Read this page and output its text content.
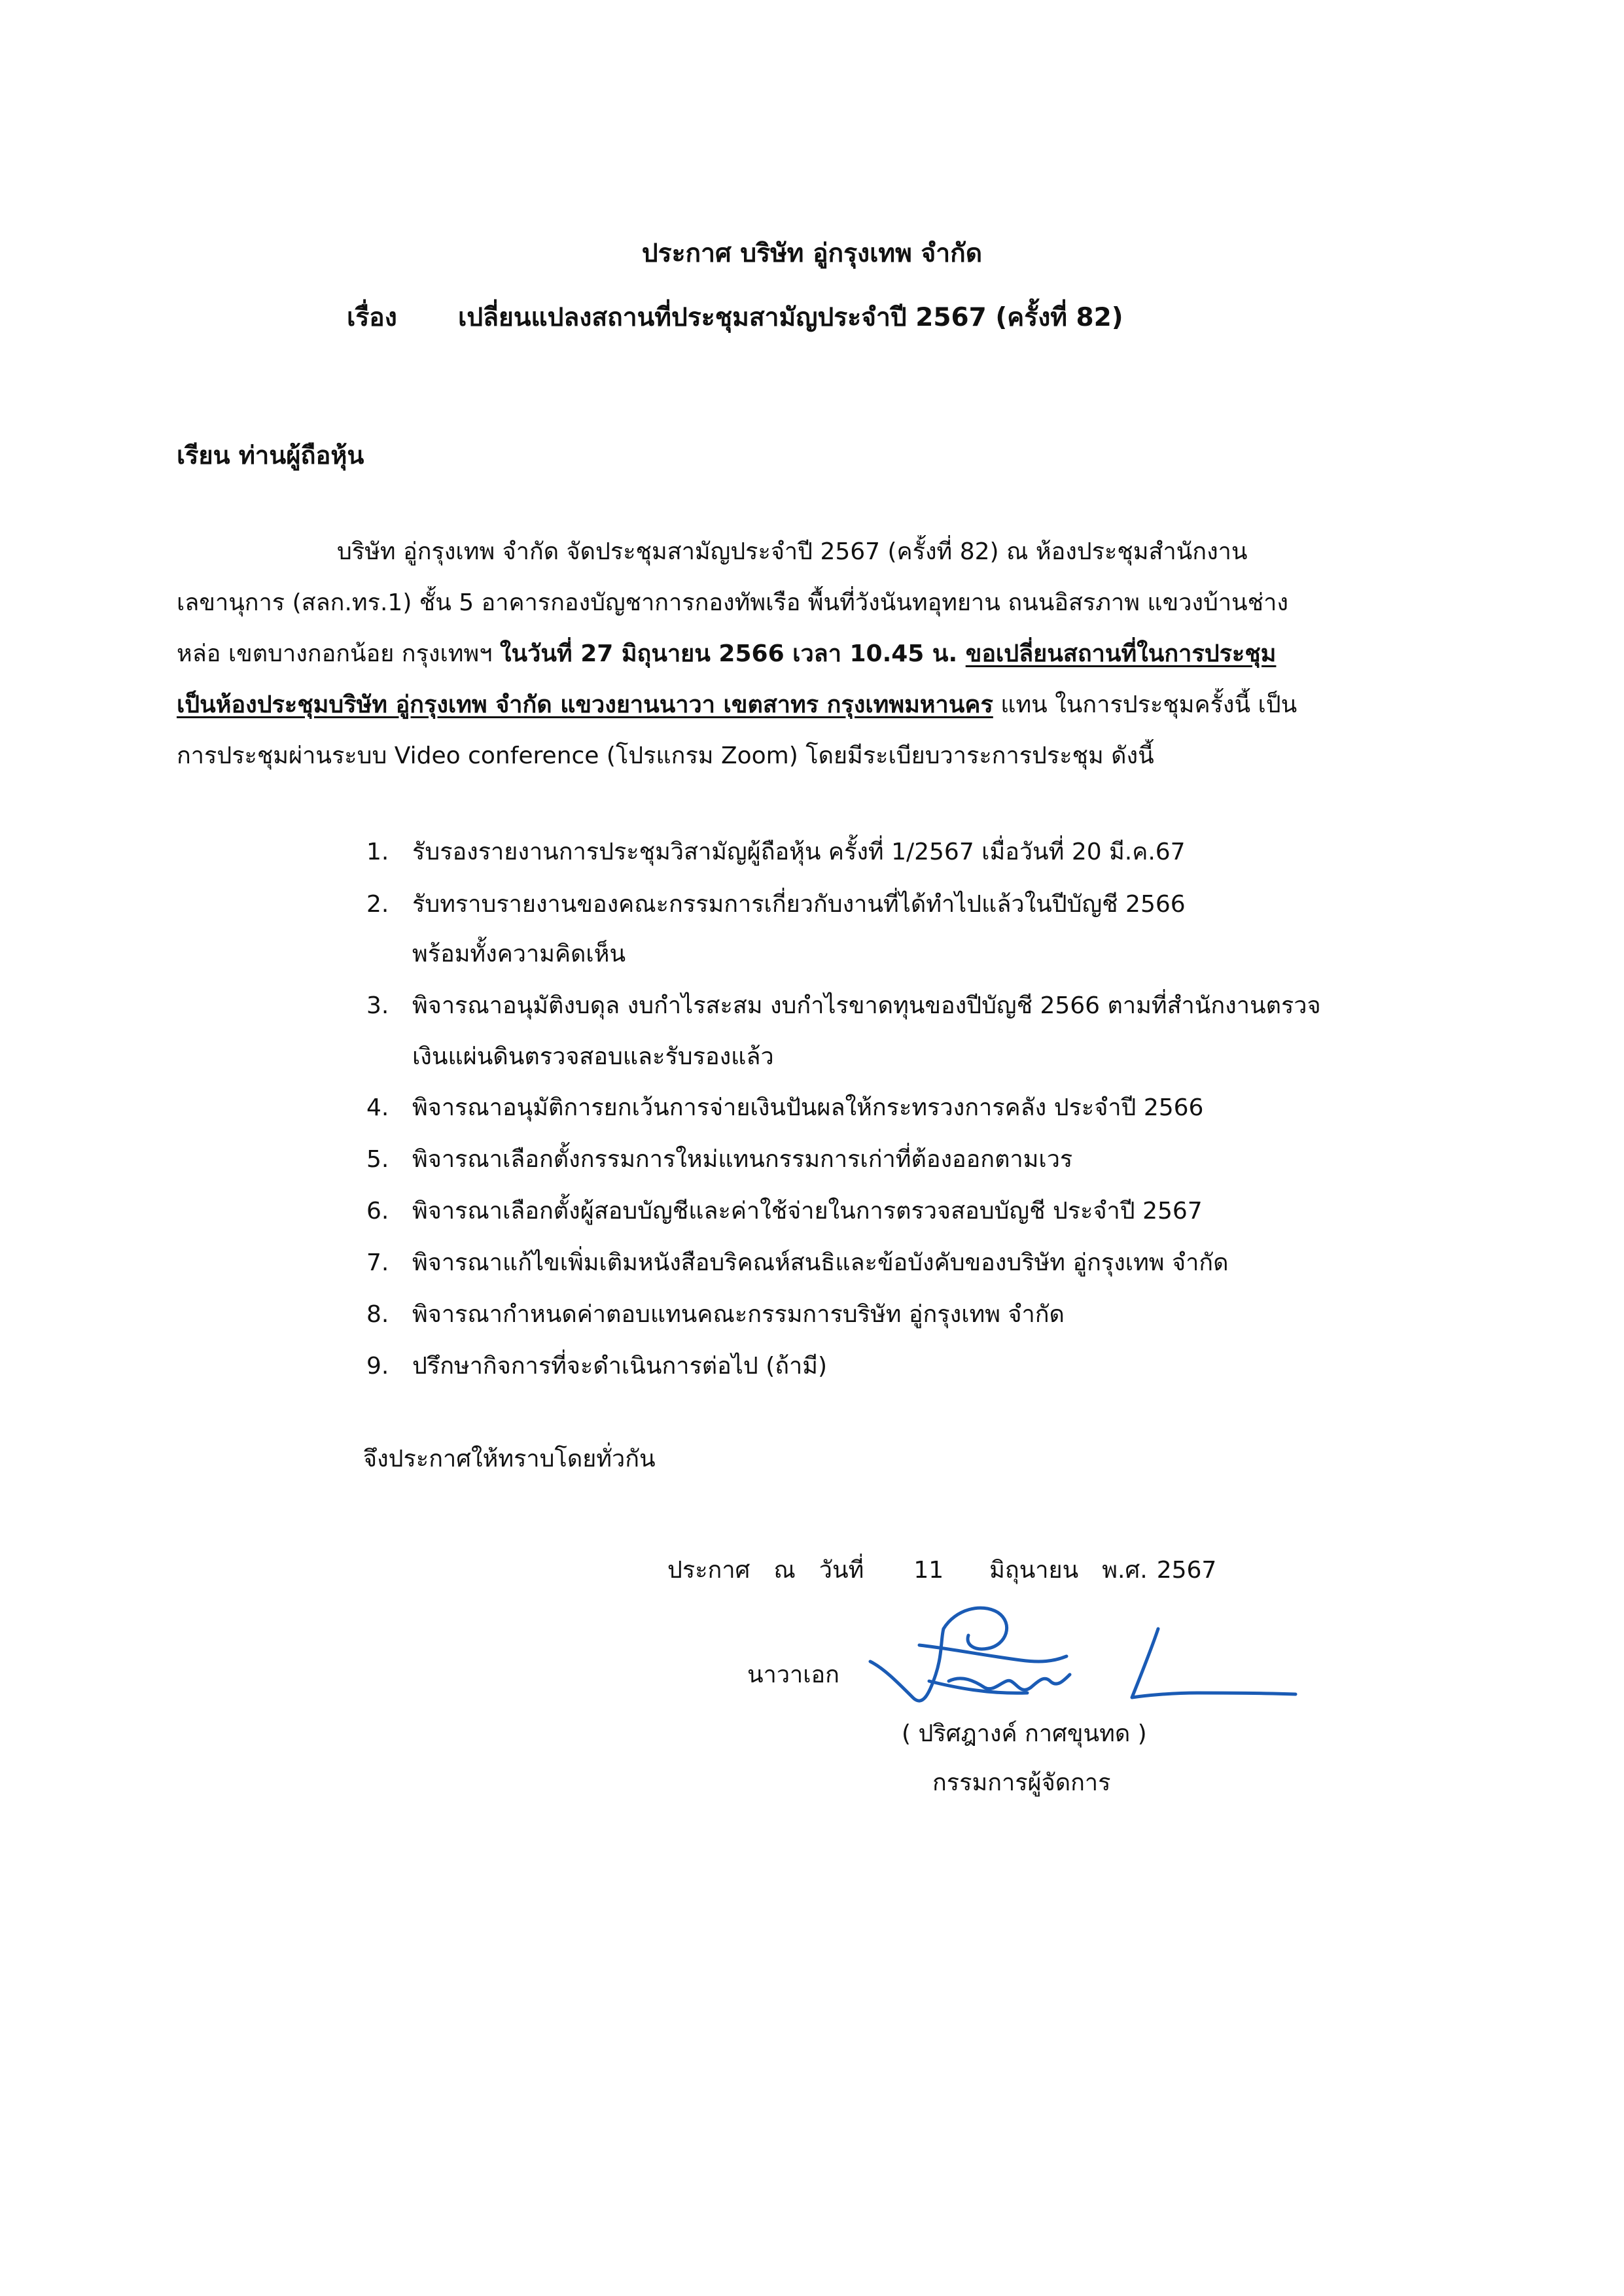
ประกาศ บริษัท อู่กรุงเทพ จำกัด
เรื่อง เปลี่ยนแปลงสถานที่ประชุมสามัญประจำปี 2567 (ครั้งที่ 82)
เรียน ท่านผู้ถือหุ้น
บริษัท อู่กรุงเทพ จำกัด จัดประชุมสามัญประจำปี 2567 (ครั้งที่ 82) ณ ห้องประชุมสำนักงาน
เลขานุการ (สลก.ทร.1) ชั้น 5 อาคารกองบัญชาการกองทัพเรือ พื้นที่วังนันทอุทยาน ถนนอิสรภาพ แขวงบ้านช่าง
หล่อ เขตบางกอกน้อย กรุงเทพฯ ในวันที่ 27 มิถุนายน 2566 เวลา 10.45 น. ขอเปลี่ยนสถานที่ในการประชุม
เป็นห้องประชุมบริษัท อู่กรุงเทพ จำกัด แขวงยานนาวา เขตสาทร กรุงเทพมหานคร แทน ในการประชุมครั้งนี้ เป็น
การประชุมผ่านระบบ Video conference (โปรแกรม Zoom) โดยมีระเบียบวาระการประชุม ดังนี้
1. รับรองรายงานการประชุมวิสามัญผู้ถือหุ้น ครั้งที่ 1/2567 เมื่อวันที่ 20 มี.ค.67
2. รับทราบรายงานของคณะกรรมการเกี่ยวกับงานที่ได้ทำไปแล้วในปีบัญชี 2566
พร้อมทั้งความคิดเห็น
3. พิจารณาอนุมัติงบดุล งบกำไรสะสม งบกำไรขาดทุนของปีบัญชี 2566 ตามที่สำนักงานตรวจ
เงินแผ่นดินตรวจสอบและรับรองแล้ว
4. พิจารณาอนุมัติการยกเว้นการจ่ายเงินปันผลให้กระทรวงการคลัง ประจำปี 2566
5. พิจารณาเลือกตั้งกรรมการใหม่แทนกรรมการเก่าที่ต้องออกตามเวร
6. พิจารณาเลือกตั้งผู้สอบบัญชีและค่าใช้จ่ายในการตรวจสอบบัญชี ประจำปี 2567
7. พิจารณาแก้ไขเพิ่มเติมหนังสือบริคณห์สนธิและข้อบังคับของบริษัท อู่กรุงเทพ จำกัด
8. พิจารณากำหนดค่าตอบแทนคณะกรรมการบริษัท อู่กรุงเทพ จำกัด
9. ปรึกษากิจการที่จะดำเนินการต่อไป (ถ้ามี)
จึงประกาศให้ทราบโดยทั่วกัน
ประกาศ ณ วันที่ 11 มิถุนายน พ.ศ. 2567
นาวาเอก
( ปริศฎางค์ กาศขุนทด )
กรรมการผู้จัดการ
